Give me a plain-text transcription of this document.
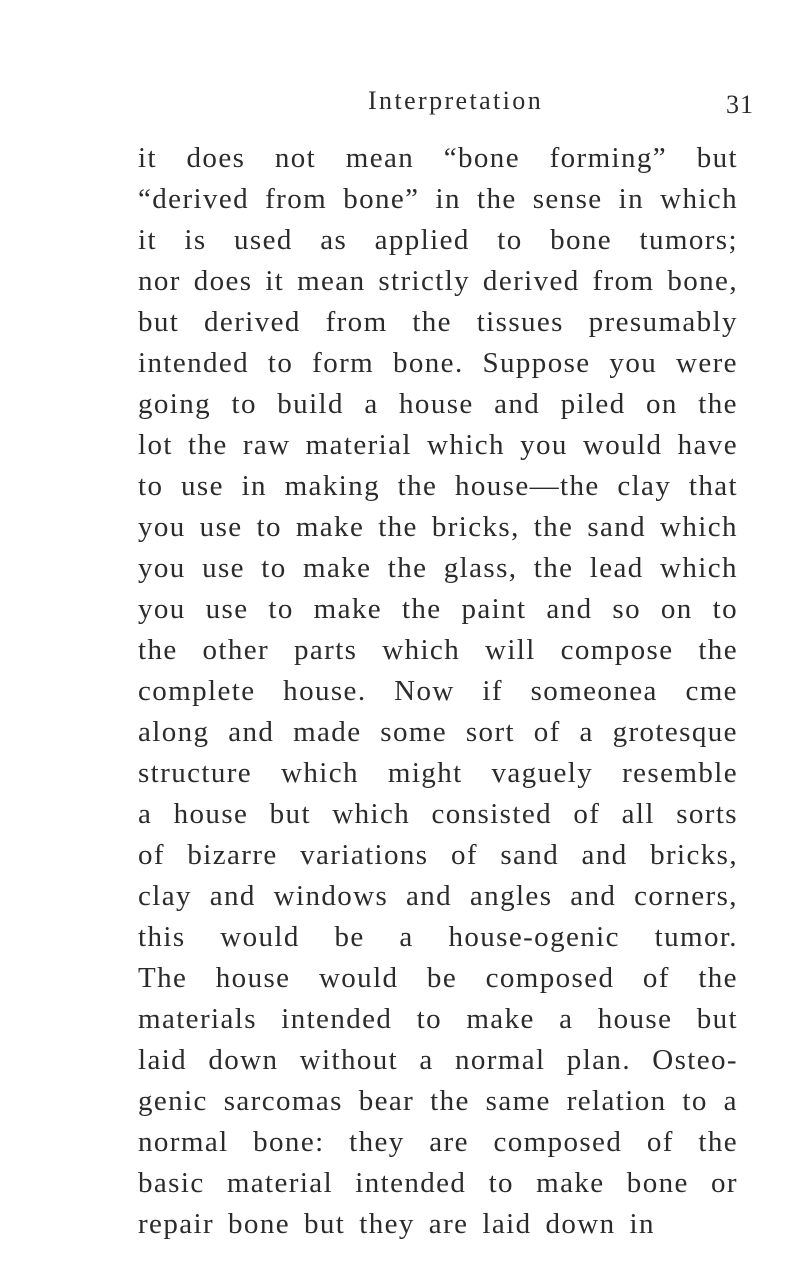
Interpretation	31
it does not mean “bone forming” but
“derived from bone” in the sense in which
it is used as applied to bone tumors;
nor does it mean strictly derived from bone,
but derived from the tissues presumably
intended to form bone. Suppose you were
going to build a house and piled on the
lot the raw material which you would have
to use in making the house—the clay that
you use to make the bricks, the sand which
you use to make the glass, the lead which
you use to make the paint and so on to
the other parts which will compose the
complete house. Now if someonea cme
along and made some sort of a grotesque
structure which might vaguely resemble
a house but which consisted of all sorts
of bizarre variations of sand and bricks,
clay and windows and angles and corners,
this would be a house-ogenic tumor.
The house would be composed of the
materials intended to make a house but
laid down without a normal plan. Osteo-
genic sarcomas bear the same relation to a
normal bone: they are composed of the
basic material intended to make bone or
repair bone but they are laid down in
